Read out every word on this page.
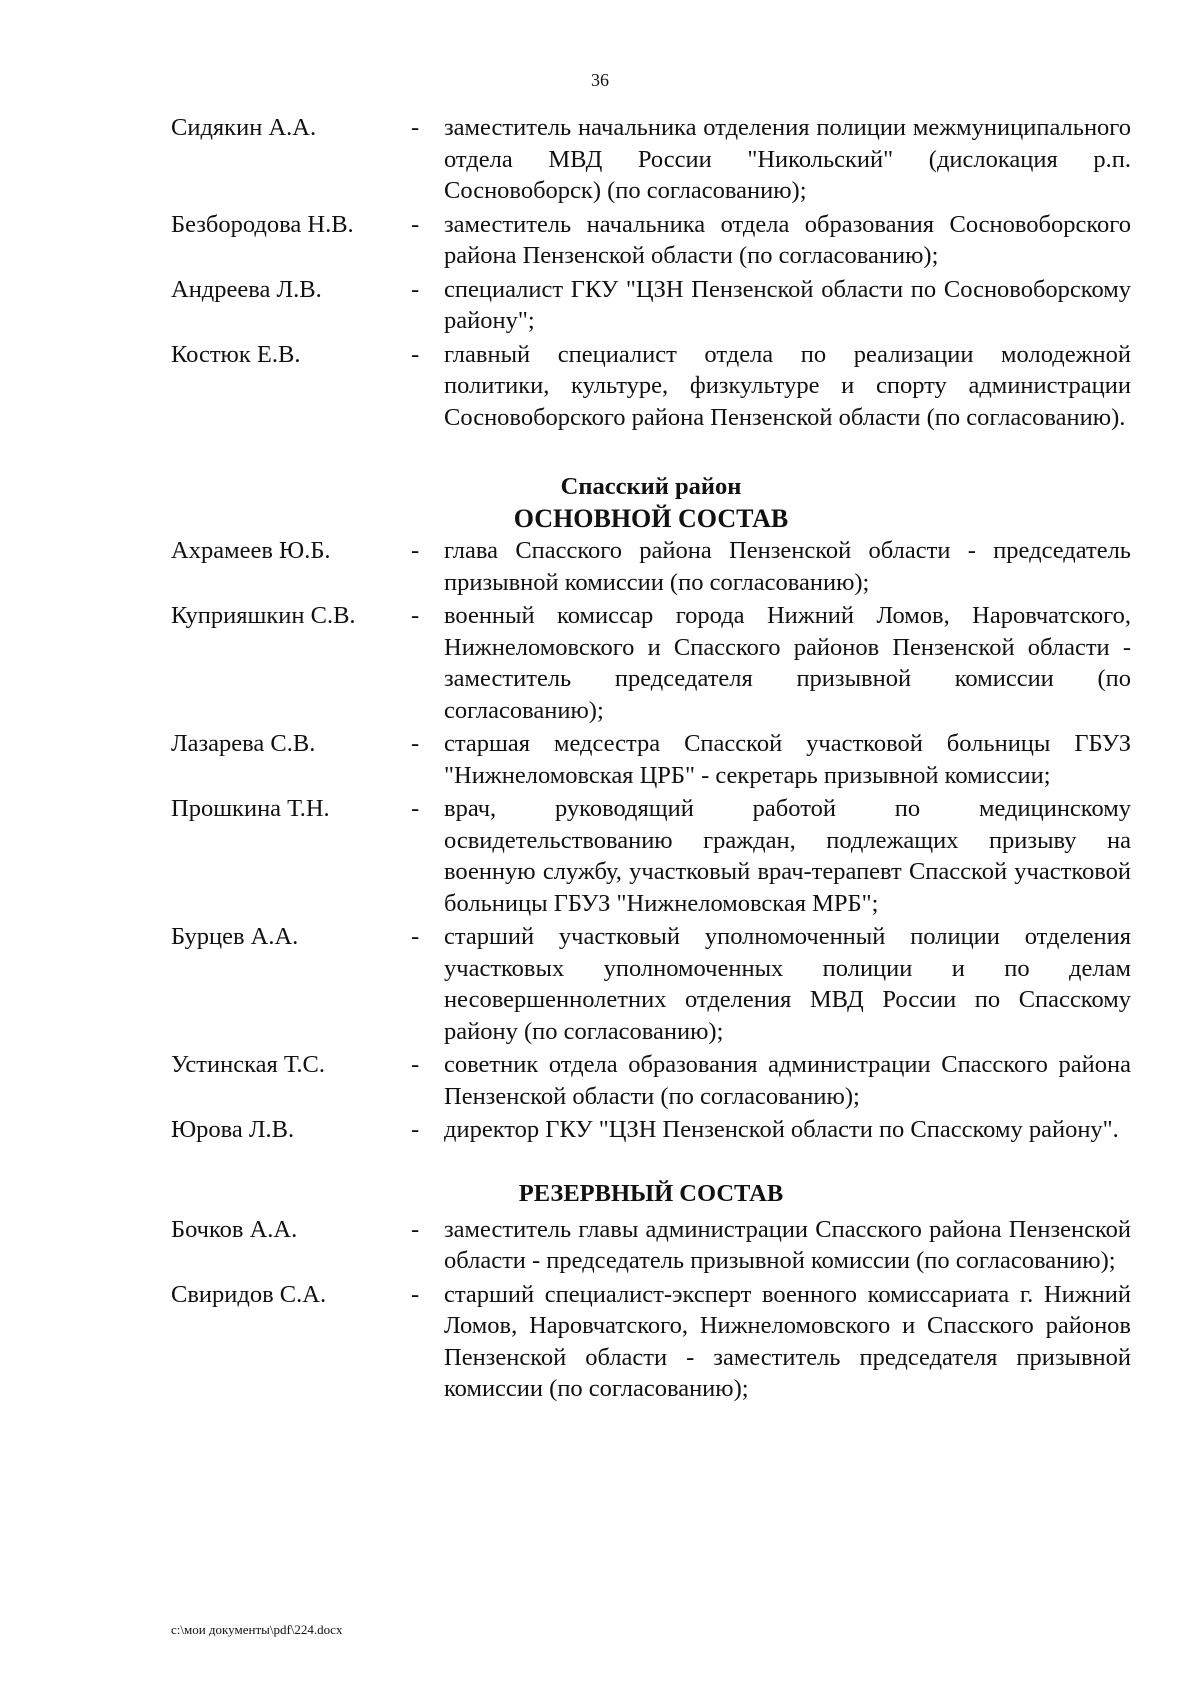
36
Сидякин А.А.	-	заместитель начальника отделения полиции межмуниципального отдела МВД России "Никольский" (дислокация р.п. Сосновоборск) (по согласованию);
Безбородова Н.В.	-	заместитель начальника отдела образования Сосновоборского района Пензенской области (по согласованию);
Андреева Л.В.	-	специалист ГКУ "ЦЗН Пензенской области по Сосновоборскому району";
Костюк Е.В.	-	главный специалист отдела по реализации молодежной политики, культуре, физкультуре и спорту администрации Сосновоборского района Пензенской области (по согласованию).
Спасский район
ОСНОВНОЙ СОСТАВ
Ахрамеев Ю.Б.	-	глава Спасского района Пензенской области - председатель призывной комиссии (по согласованию);
Куприяшкин С.В.	-	военный комиссар города Нижний Ломов, Наровчатского, Нижнеломовского и Спасского районов Пензенской области - заместитель председателя призывной комиссии (по согласованию);
Лазарева С.В.	-	старшая медсестра Спасской участковой больницы ГБУЗ "Нижнеломовская ЦРБ" - секретарь призывной комиссии;
Прошкина Т.Н.	-	врач, руководящий работой по медицинскому освидетельствованию граждан, подлежащих призыву на военную службу, участковый врач-терапевт Спасской участковой больницы ГБУЗ "Нижнеломовская МРБ";
Бурцев А.А.	-	старший участковый уполномоченный полиции отделения участковых уполномоченных полиции и по делам несовершеннолетних отделения МВД России по Спасскому району (по согласованию);
Устинская Т.С.	-	советник отдела образования администрации Спасского района Пензенской области (по согласованию);
Юрова Л.В.	-	директор ГКУ "ЦЗН Пензенской области по Спасскому району".
РЕЗЕРВНЫЙ СОСТАВ
Бочков А.А.	-	заместитель главы администрации Спасского района Пензенской области - председатель призывной комиссии (по согласованию);
Свиридов С.А.	-	старший специалист-эксперт военного комиссариата г. Нижний Ломов, Наровчатского, Нижнеломовского и Спасского районов Пензенской области - заместитель председателя призывной комиссии (по согласованию);
c:\мои документы\pdf\224.docx
